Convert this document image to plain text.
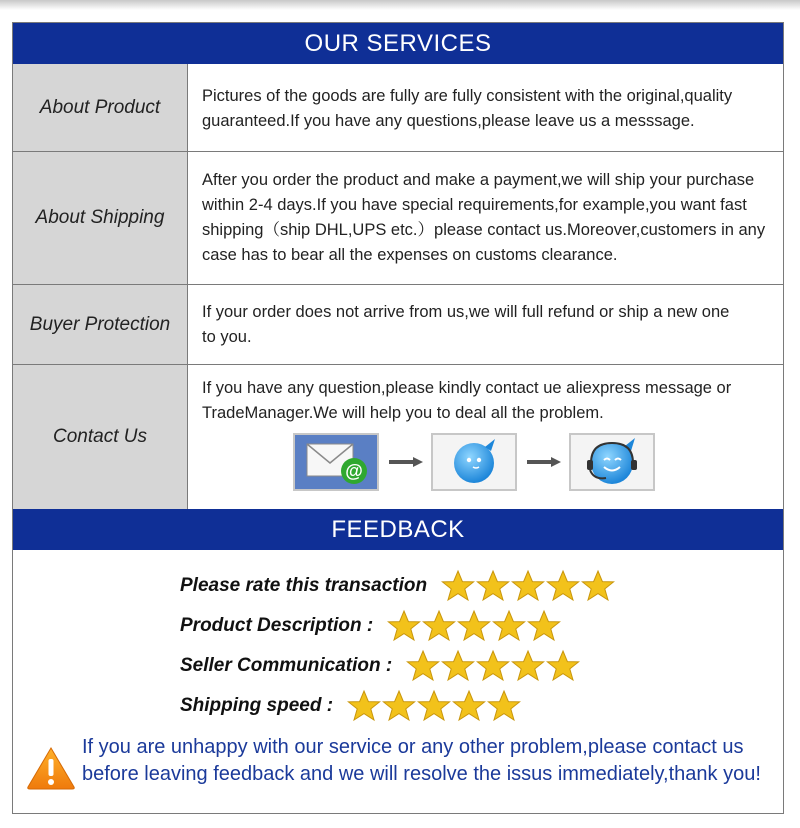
OUR SERVICES
About Product
Pictures of the goods are fully are fully consistent with the original,quality
guaranteed.If you have any questions,please leave us a messsage.
About Shipping
After you order the product and make a payment,we will ship your purchase
within 2-4 days.If you have special requirements,for example,you want fast
shipping（ship DHL,UPS etc.）please contact us.Moreover,customers in any
case has to bear all the expenses on customs clearance.
Buyer Protection
If your order does not arrive from us,we will full refund or ship a new one
to you.
Contact Us
If you have any question,please kindly contact ue aliexpress message or
TradeManager.We will help you to deal all the problem.
@
FEEDBACK
Please rate this transaction
Product Description :
Seller Communication :
Shipping speed :
If you are unhappy with our service or any other problem,please contact us
before leaving feedback and we will resolve the issus immediately,thank you!
